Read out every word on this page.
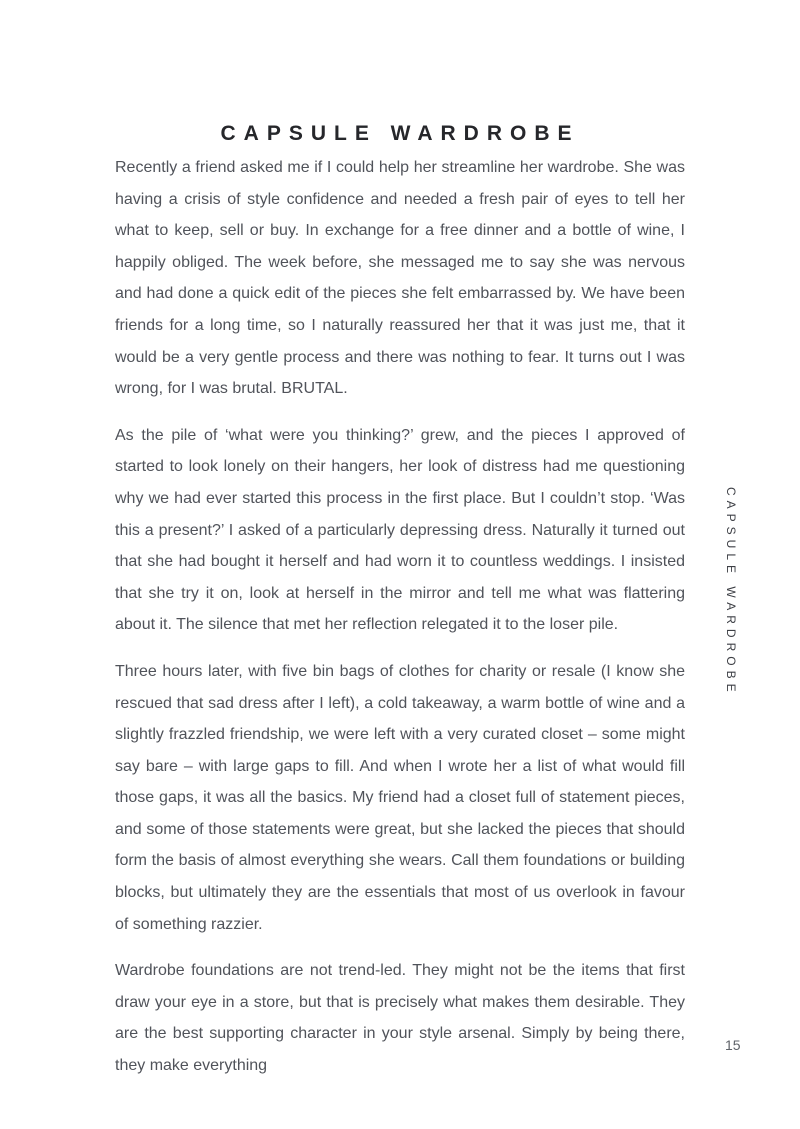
CAPSULE WARDROBE

Recently a friend asked me if I could help her streamline her wardrobe. She was having a crisis of style confidence and needed a fresh pair of eyes to tell her what to keep, sell or buy. In exchange for a free dinner and a bottle of wine, I happily obliged. The week before, she messaged me to say she was nervous and had done a quick edit of the pieces she felt embarrassed by. We have been friends for a long time, so I naturally reassured her that it was just me, that it would be a very gentle process and there was nothing to fear. It turns out I was wrong, for I was brutal. BRUTAL.

As the pile of ‘what were you thinking?’ grew, and the pieces I approved of started to look lonely on their hangers, her look of distress had me questioning why we had ever started this process in the first place. But I couldn’t stop. ‘Was this a present?’ I asked of a particularly depressing dress. Naturally it turned out that she had bought it herself and had worn it to countless weddings. I insisted that she try it on, look at herself in the mirror and tell me what was flattering about it. The silence that met her reflection relegated it to the loser pile.

Three hours later, with five bin bags of clothes for charity or resale (I know she rescued that sad dress after I left), a cold takeaway, a warm bottle of wine and a slightly frazzled friendship, we were left with a very curated closet – some might say bare – with large gaps to fill. And when I wrote her a list of what would fill those gaps, it was all the basics. My friend had a closet full of statement pieces, and some of those statements were great, but she lacked the pieces that should form the basis of almost everything she wears. Call them foundations or building blocks, but ultimately they are the essentials that most of us overlook in favour of something razzier.

Wardrobe foundations are not trend-led. They might not be the items that first draw your eye in a store, but that is precisely what makes them desirable. They are the best supporting character in your style arsenal. Simply by being there, they make everything

CAPSULE WARDROBE
15
